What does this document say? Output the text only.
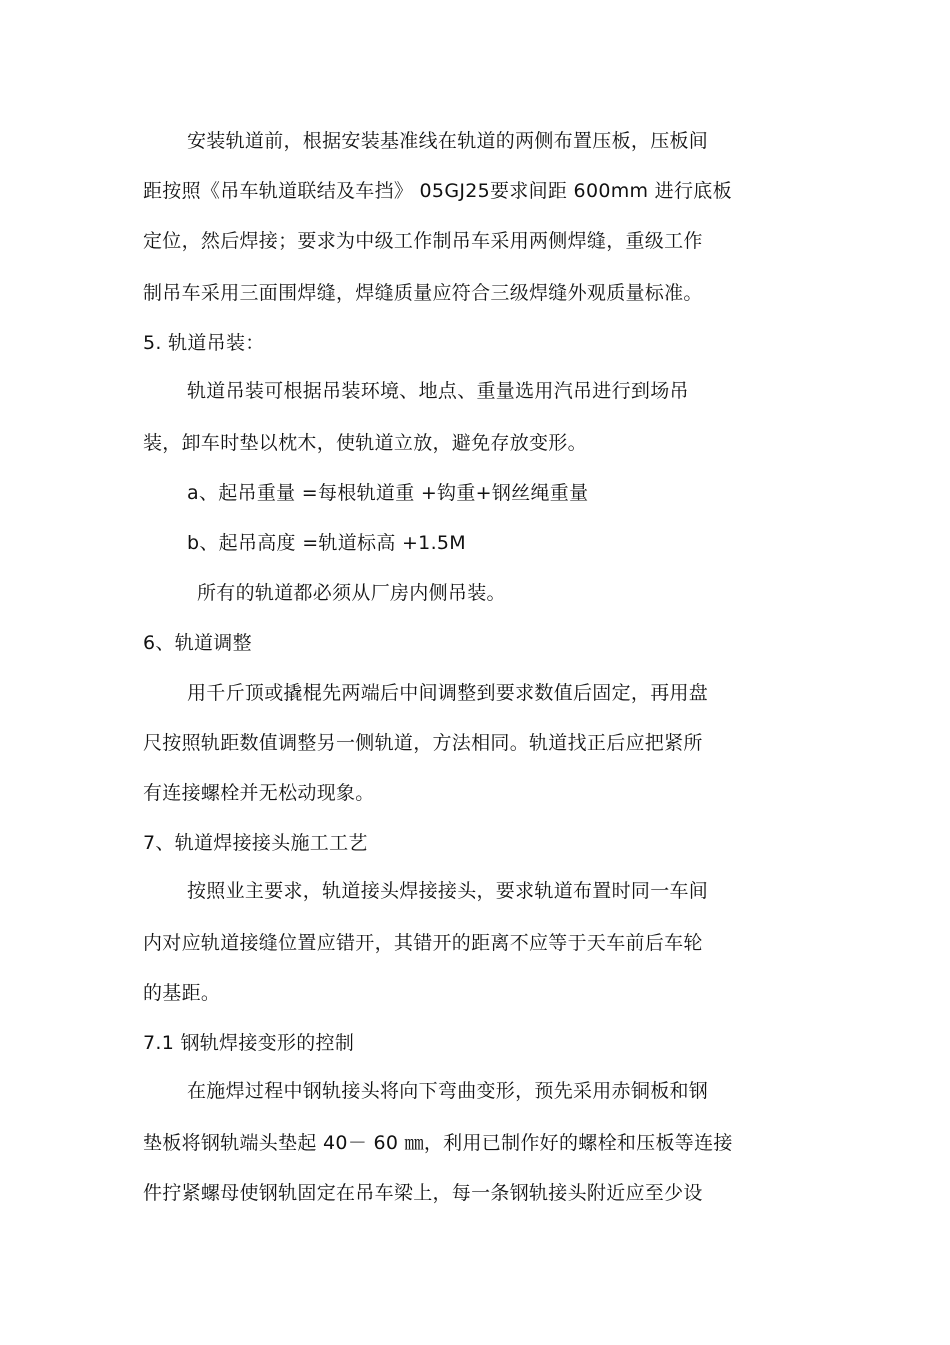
安装轨道前，根据安装基准线在轨道的两侧布置压板，压板间
距按照《吊车轨道联结及车挡》 05GJ25要求间距 600mm 进行底板
定位，然后焊接；要求为中级工作制吊车采用两侧焊缝，重级工作
制吊车采用三面围焊缝，焊缝质量应符合三级焊缝外观质量标准。
5. 轨道吊装：
轨道吊装可根据吊装环境、地点、重量选用汽吊进行到场吊
装，卸车时垫以枕木，使轨道立放，避免存放变形。
a、起吊重量 =每根轨道重 +钩重+钢丝绳重量
b、起吊高度 =轨道标高 +1.5M
所有的轨道都必须从厂房内侧吊装。
6、轨道调整
用千斤顶或撬棍先两端后中间调整到要求数值后固定，再用盘
尺按照轨距数值调整另一侧轨道，方法相同。轨道找正后应把紧所
有连接螺栓并无松动现象。
7、轨道焊接接头施工工艺
按照业主要求，轨道接头焊接接头，要求轨道布置时同一车间
内对应轨道接缝位置应错开，其错开的距离不应等于天车前后车轮
的基距。
7.1 钢轨焊接变形的控制
在施焊过程中钢轨接头将向下弯曲变形，预先采用赤铜板和钢
垫板将钢轨端头垫起 40－ 60 ㎜，利用已制作好的螺栓和压板等连接
件拧紧螺母使钢轨固定在吊车梁上，每一条钢轨接头附近应至少设
